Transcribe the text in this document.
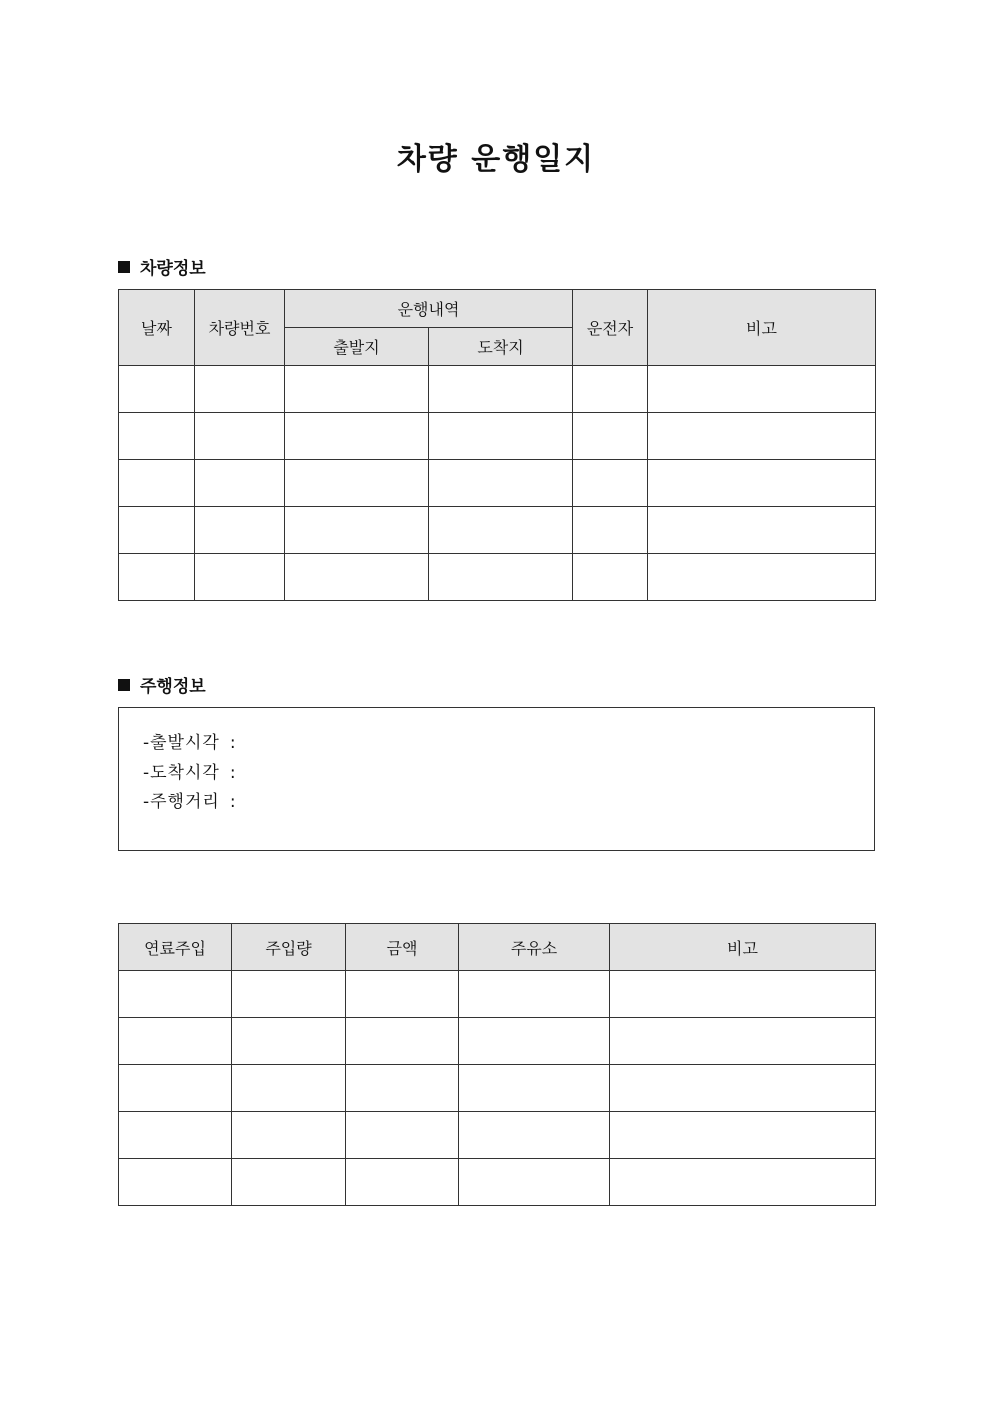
차량 운행일지
차량정보
날짜	차량번호	운행내역		운전자	비고
		출발지	도착지		

주행정보
-출발시각 :
-도착시각 :
-주행거리 :
연료주입	주입량	금액	주유소	비고
